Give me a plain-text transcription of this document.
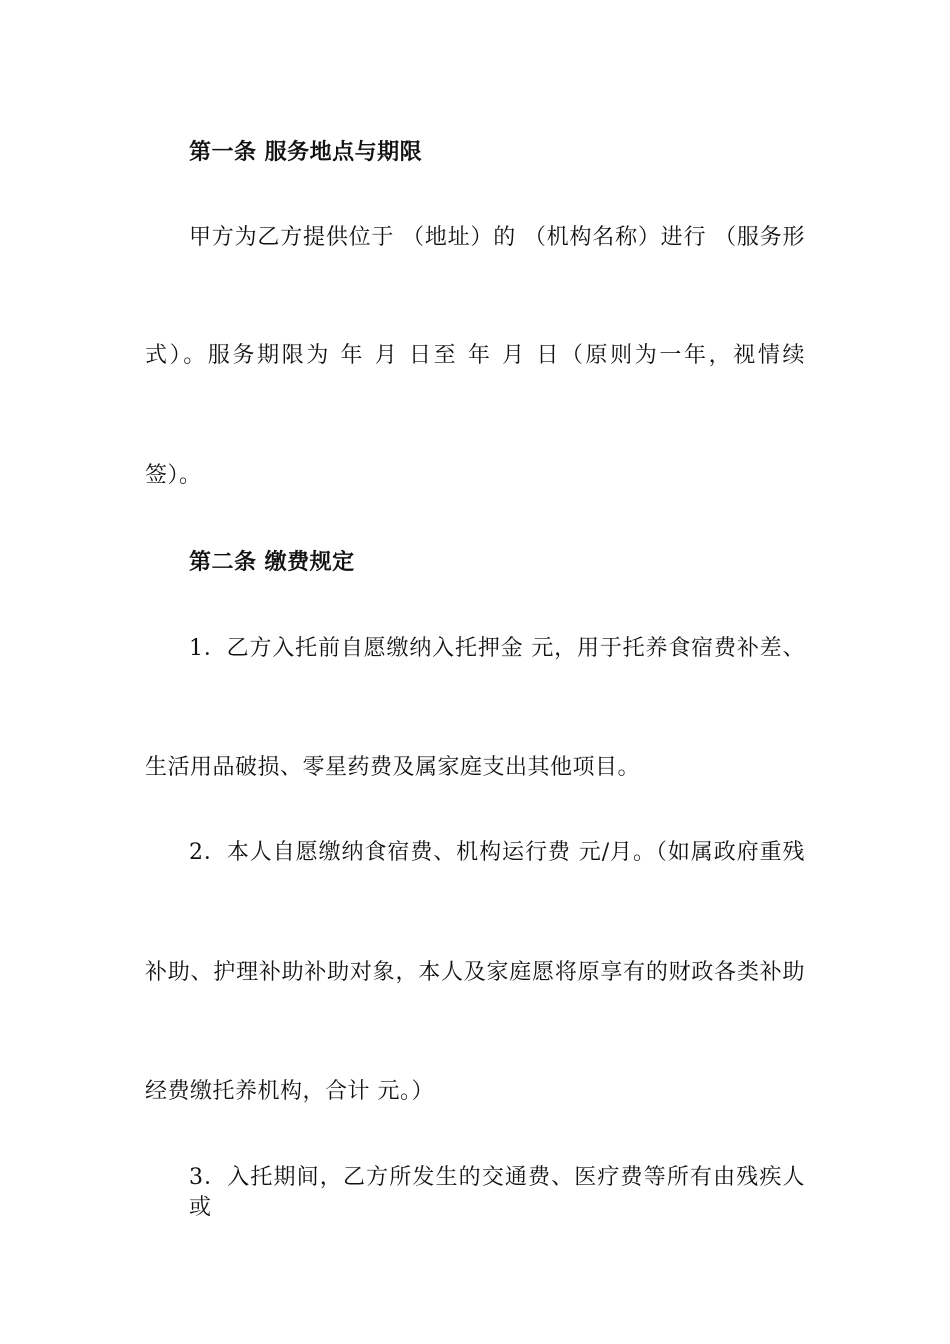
第一条 服务地点与期限
甲方为乙方提供位于 （地址）的 （机构名称）进行 （服务形
式）。服务期限为 年 月 日至 年 月 日（原则为一年，视情续
签）。
第二条 缴费规定
1．乙方入托前自愿缴纳入托押金 元，用于托养食宿费补差、
生活用品破损、零星药费及属家庭支出其他项目。
2．本人自愿缴纳食宿费、机构运行费 元/月。（如属政府重残
补助、护理补助补助对象，本人及家庭愿将原享有的财政各类补助
经费缴托养机构，合计 元。）
3．入托期间，乙方所发生的交通费、医疗费等所有由残疾人或
